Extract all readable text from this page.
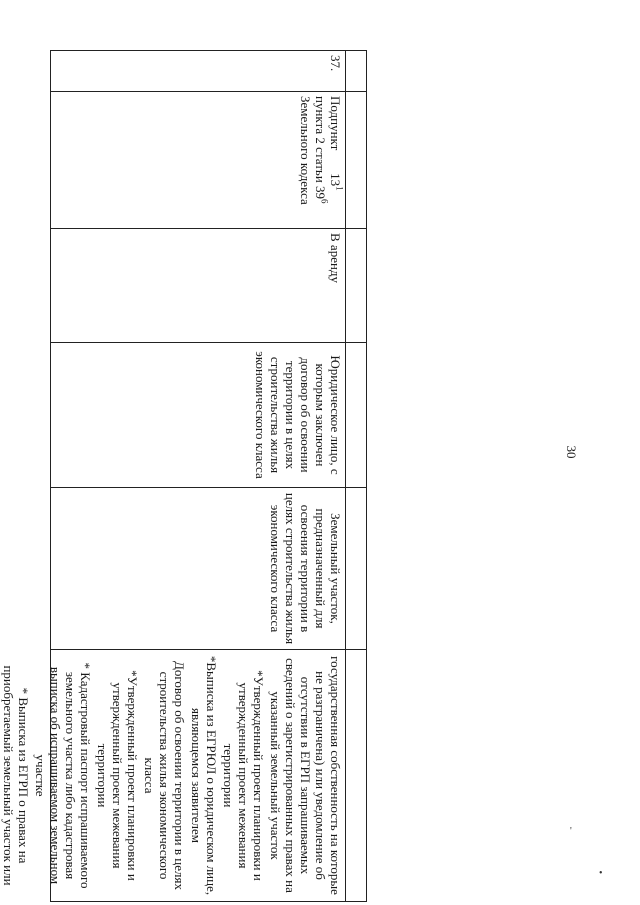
30
'
•
37.
Подпункт       $13^1$
пункта 2 статьи $39^6$
Земельного кодекса
В аренду
Юридическое лицо, с которым заключен договор об освоении территории в целях строительства жилья экономического класса
Земельный участок, предназначенный для освоения территории в целях строительства жилья экономического класса

государственная собственность на которые не разграничена) или уведомление об отсутствии в ЕГРП запрашиваемых сведений о зарегистрированных правах на указанный земельный участок

*Утвержденный проект планировки и утвержденный проект межевания территории

*Выписка из ЕГРЮЛ о юридическом лице, являющемся заявителем

Договор об освоении территории в целях строительства жилья экономического класса

*Утвержденный проект планировки и утвержденный проект межевания территории

* Кадастровый паспорт испрашиваемого земельного участка либо кадастровая выписка об испрашиваемом земельном участке

* Выписка из ЕГРП о правах на приобретаемый земельный участок или
